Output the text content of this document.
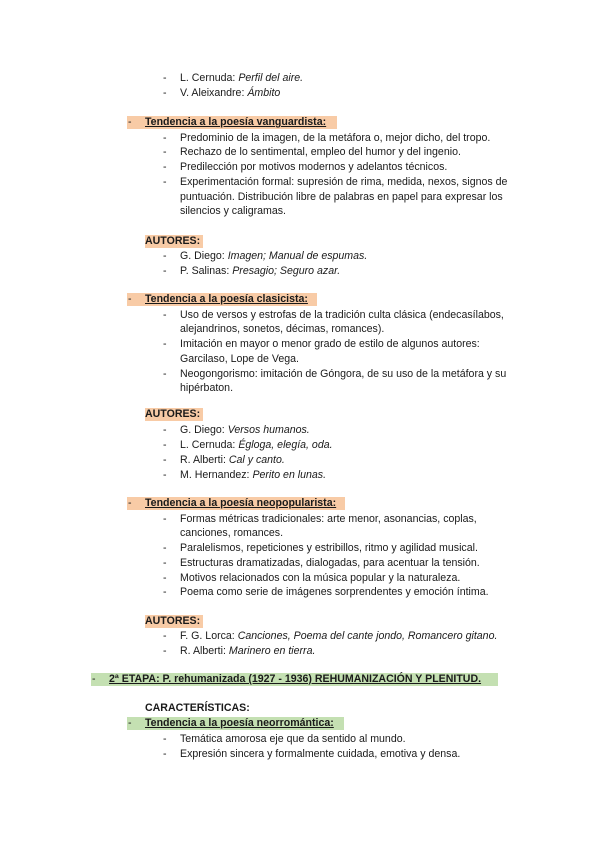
- L. Cernuda: Perfil del aire.
- V. Aleixandre: Ámbito
- Tendencia a la poesía vanguardista:
- Predominio de la imagen, de la metáfora o, mejor dicho, del tropo.
- Rechazo de lo sentimental, empleo del humor y del ingenio.
- Predilección por motivos modernos y adelantos técnicos.
- Experimentación formal: supresión de rima, medida, nexos, signos de
puntuación. Distribución libre de palabras en papel para expresar los
silencios y caligramas.
AUTORES:
- G. Diego: Imagen; Manual de espumas.
- P. Salinas: Presagio; Seguro azar.
- Tendencia a la poesía clasicista:
- Uso de versos y estrofas de la tradición culta clásica (endecasílabos,
alejandrinos, sonetos, décimas, romances).
- Imitación en mayor o menor grado de estilo de algunos autores:
Garcilaso, Lope de Vega.
- Neogongorismo: imitación de Góngora, de su uso de la metáfora y su
hipérbaton.
AUTORES:
- G. Diego: Versos humanos.
- L. Cernuda: Égloga, elegía, oda.
- R. Alberti: Cal y canto.
- M. Hernandez: Perito en lunas.
- Tendencia a la poesía neopopularista:
- Formas métricas tradicionales: arte menor, asonancias, coplas,
canciones, romances.
- Paralelismos, repeticiones y estribillos, ritmo y agilidad musical.
- Estructuras dramatizadas, dialogadas, para acentuar la tensión.
- Motivos relacionados con la música popular y la naturaleza.
- Poema como serie de imágenes sorprendentes y emoción íntima.
AUTORES:
- F. G. Lorca: Canciones, Poema del cante jondo, Romancero gitano.
- R. Alberti: Marinero en tierra.
- 2ª ETAPA: P. rehumanizada (1927 - 1936) REHUMANIZACIÓN Y PLENITUD.
CARACTERÍSTICAS:
- Tendencia a la poesía neorromántica:
- Temática amorosa eje que da sentido al mundo.
- Expresión sincera y formalmente cuidada, emotiva y densa.
